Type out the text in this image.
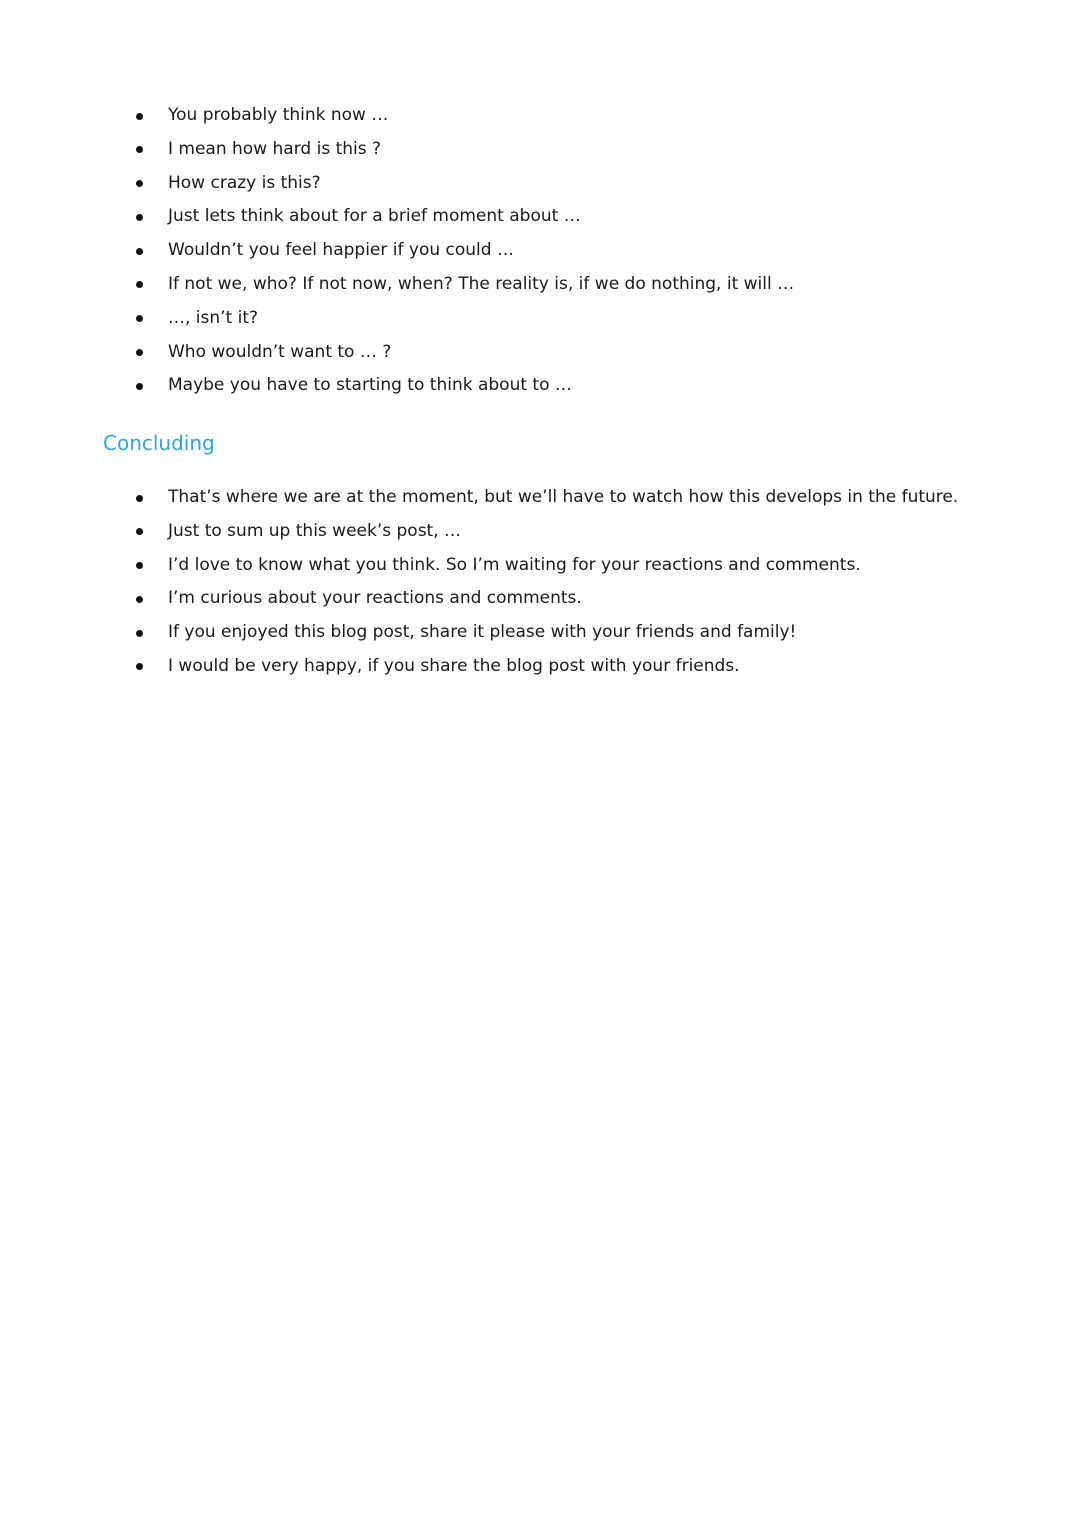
You probably think now …
I mean how hard is this ?
How crazy is this?
Just lets think about for a brief moment about …
Wouldn’t you feel happier if you could …
If not we, who? If not now, when? The reality is, if we do nothing, it will …
…, isn’t it?
Who wouldn’t want to … ?
Maybe you have to starting to think about to …
Concluding
That’s where we are at the moment, but we’ll have to watch how this develops in the future.
Just to sum up this week’s post, …
I’d love to know what you think. So I’m waiting for your reactions and comments.
I’m curious about your reactions and comments.
If you enjoyed this blog post, share it please with your friends and family!
I would be very happy, if you share the blog post with your friends.
